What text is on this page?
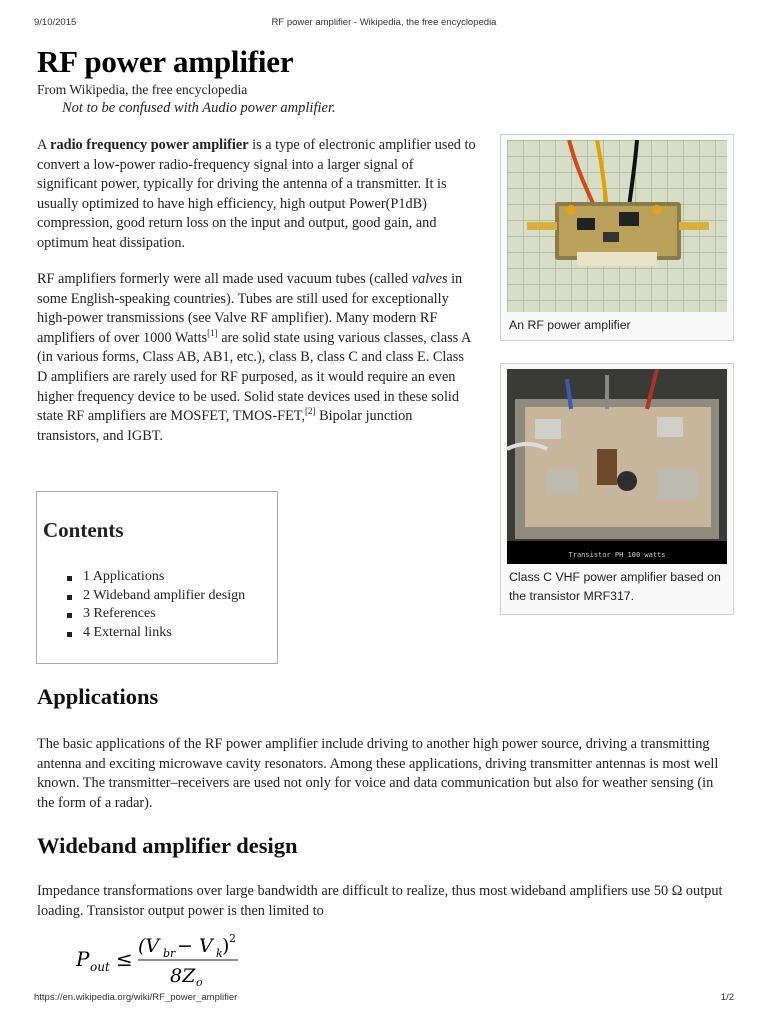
9/10/2015	RF power amplifier - Wikipedia, the free encyclopedia
RF power amplifier
From Wikipedia, the free encyclopedia
Not to be confused with Audio power amplifier.

A radio frequency power amplifier is a type of electronic amplifier used to convert a low-power radio-frequency signal into a larger signal of significant power, typically for driving the antenna of a transmitter. It is usually optimized to have high efficiency, high output Power(P1dB) compression, good return loss on the input and output, good gain, and optimum heat dissipation.

RF amplifiers formerly were all made used vacuum tubes (called valves in some English-speaking countries). Tubes are still used for exceptionally high-power transmissions (see Valve RF amplifier). Many modern RF amplifiers of over 1000 Watts[1] are solid state using various classes, class A (in various forms, Class AB, AB1, etc.), class B, class C and class E. Class D amplifiers are rarely used for RF purposed, as it would require an even higher frequency device to be used. Solid state devices used in these solid state RF amplifiers are MOSFET, TMOS-FET,[2] Bipolar junction transistors, and IGBT.

An RF power amplifier
Transistor PH 100 watts
Class C VHF power amplifier based on the transistor MRF317.
Contents
1 Applications
2 Wideband amplifier design
3 References
4 External links
Applications

The basic applications of the RF power amplifier include driving to another high power source, driving a transmitting antenna and exciting microwave cavity resonators. Among these applications, driving transmitter antennas is most well known. The transmitter–receivers are used not only for voice and data communication but also for weather sensing (in the form of a radar).

Wideband amplifier design

Impedance transformations over large bandwidth are difficult to realize, thus most wideband amplifiers use 50 Ω output loading. Transistor output power is then limited to

P out ≤
(V br − V k ) 2
8Z o
https://en.wikipedia.org/wiki/RF_power_amplifier	1/2
